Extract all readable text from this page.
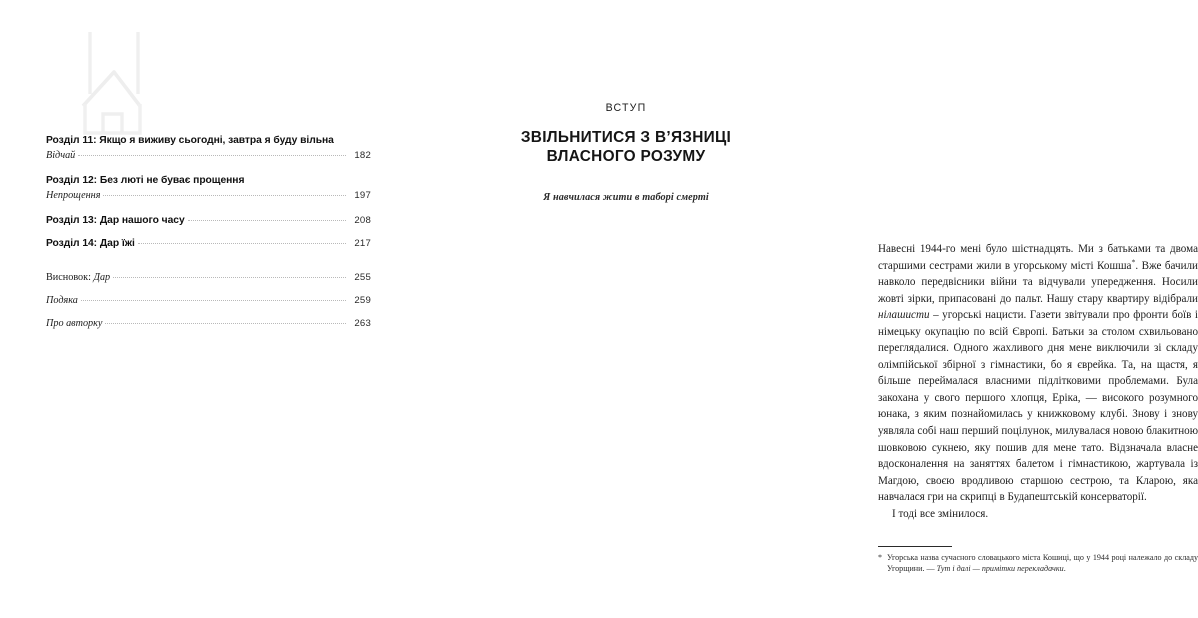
Розділ 11: Якщо я виживу сьогодні, завтра я буду вільна
Відчай	182
Розділ 12: Без люті не буває прощення
Непрощення	197
Розділ 13: Дар нашого часу	208
Розділ 14: Дар їжі	217
Висновок: Дар	255
Подяка	259
Про авторку	263
ВСТУП
ЗВІЛЬНИТИСЯ З В’ЯЗНИЦІ
ВЛАСНОГО РОЗУМУ
Я навчилася жити в таборі смерті

Навесні 1944-го мені було шістнадцять. Ми з батьками та двома старшими сестрами жили в угорському місті Кошша*. Вже бачили навколо передвісники війни та відчували упередження. Носили жовті зірки, припасовані до пальт. Нашу стару квартиру відібрали нілашисти – угорські нацисти. Газети звітували про фронти боїв і німецьку окупацію по всій Європі. Батьки за столом схвильовано переглядалися. Одного жахливого дня мене виключили зі складу олімпійської збірної з гімнастики, бо я єврейка. Та, на щастя, я більше переймалася власними підлітковими проблемами. Була закохана у свого першого хлопця, Еріка, — високого розумного юнака, з яким познайомилась у книжковому клубі. Знову і знову уявляла собі наш перший поцілунок, милувалася новою блакитною шовковою сукнею, яку пошив для мене тато. Відзначала власне вдосконалення на заняттях балетом і гімнастикою, жартувала із Магдою, своєю вродливою старшою сестрою, та Кларою, яка навчалася гри на скрипці в Будапештській консерваторії.

І тоді все змінилося.

* Угорська назва сучасного словацького міста Кошиці, що у 1944 році належало до складу Угорщини. — Тут і далі — примітки перекладачки.
